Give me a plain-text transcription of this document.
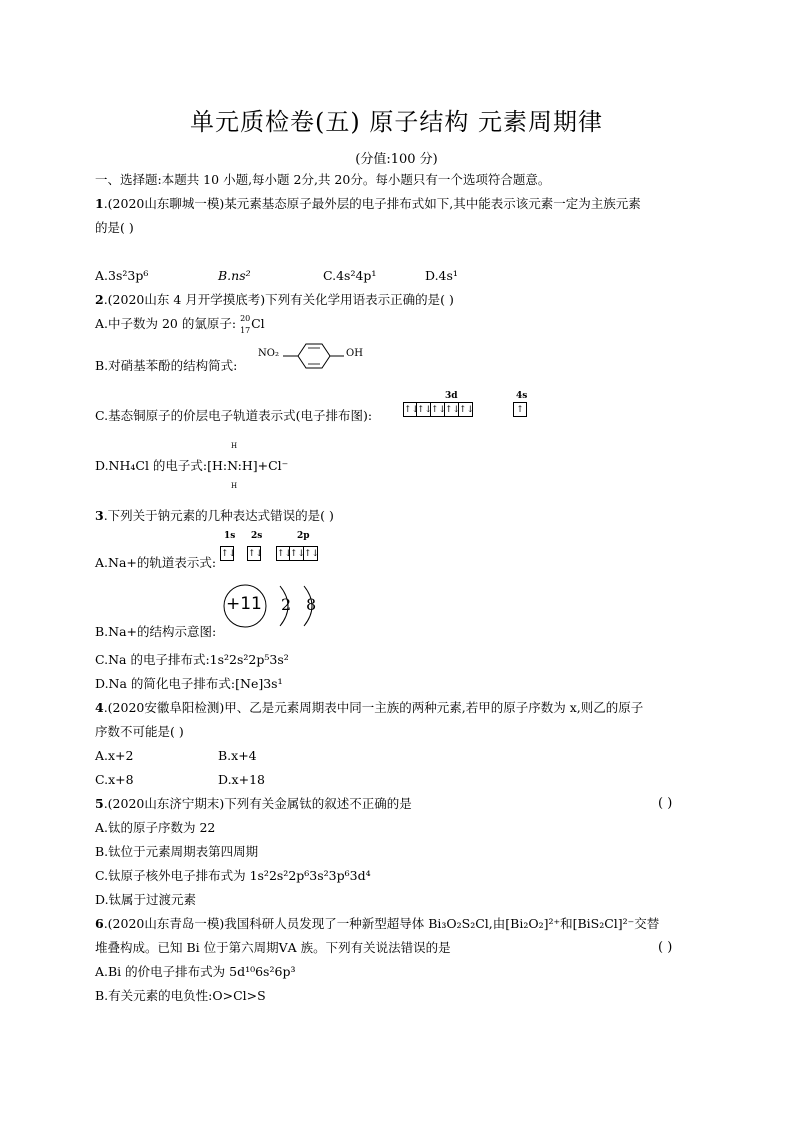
单元质检卷(五) 原子结构 元素周期律
(分值:100 分)
一、选择题:本题共 10 小题,每小题 2分,共 20分。每小题只有一个选项符合题意。
1.(2020山东聊城一模)某元素基态原子最外层的电子排布式如下,其中能表示该元素一定为主族元素
的是( )
A.3s²3p⁶	B.ns²	C.4s²4p¹	D.4s¹
2.(2020山东 4 月开学摸底考)下列有关化学用语表示正确的是( )
A.中子数为 20 的氯原子: 20
17 Cl
B.对硝基苯酚的结构简式:
NO₂	OH
C.基态铜原子的价层电子轨道表示式(电子排布图):
3d	4s
↑↓
↑↓
↑↓
↑↓
↑↓	↑
H
D.NH₄Cl 的电子式:[H:N:H]+Cl⁻
H
3.下列关于钠元素的几种表达式错误的是( )
1s 2s	2p
A.Na+的轨道表示式:
↑↓ ↑↓ ↑↓
↑↓
↑↓
+11 2 8
B.Na+的结构示意图:
C.Na 的电子排布式:1s²2s²2p⁵3s²
D.Na 的简化电子排布式:[Ne]3s¹
4.(2020安徽阜阳检测)甲、乙是元素周期表中同一主族的两种元素,若甲的原子序数为 x,则乙的原子
序数不可能是( )
A.x+2	B.x+4
C.x+8	D.x+18
5.(2020山东济宁期末)下列有关金属钛的叙述不正确的是	( )
A.钛的原子序数为 22
B.钛位于元素周期表第四周期
C.钛原子核外电子排布式为 1s²2s²2p⁶3s²3p⁶3d⁴
D.钛属于过渡元素
6.(2020山东青岛一模)我国科研人员发现了一种新型超导体 Bi₃O₂S₂Cl,由[Bi₂O₂]²⁺和[BiS₂Cl]²⁻交替
堆叠构成。已知 Bi 位于第六周期ⅤA 族。下列有关说法错误的是	( )
A.Bi 的价电子排布式为 5d¹⁰6s²6p³
B.有关元素的电负性:O>Cl>S
